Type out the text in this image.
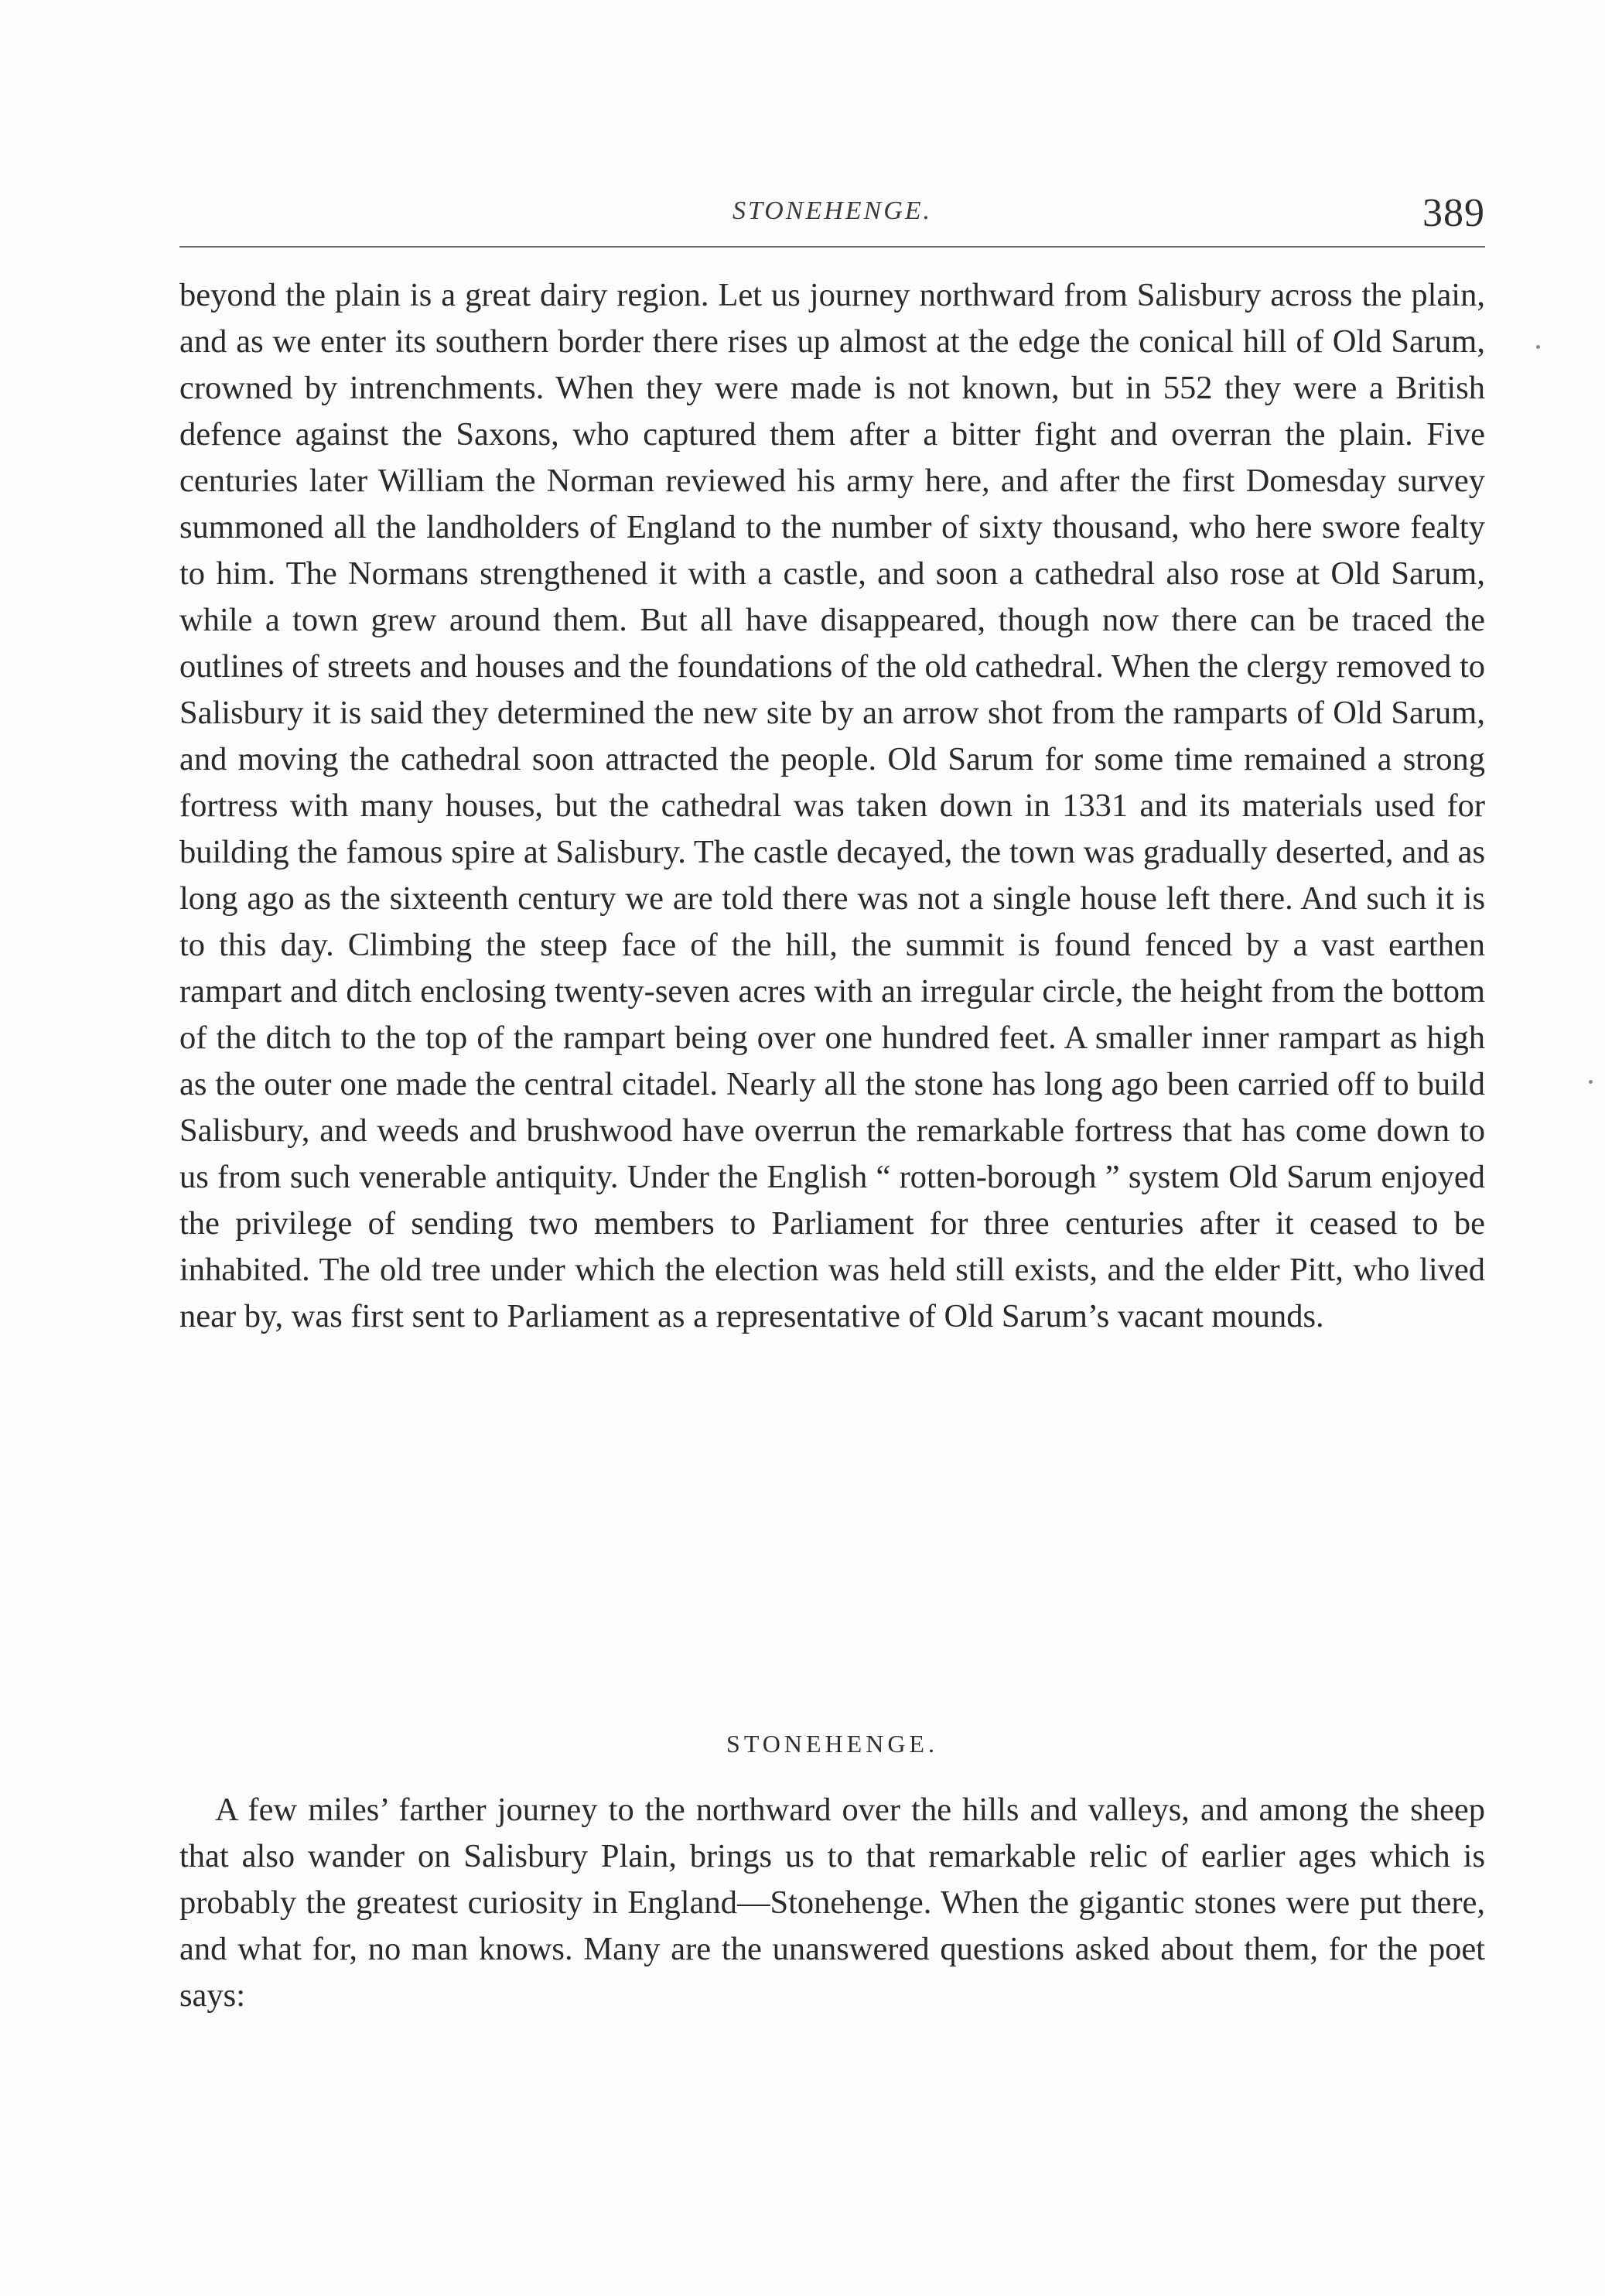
STONEHENGE.	389

beyond the plain is a great dairy region. Let us journey northward from Salisbury across the plain, and as we enter its southern border there rises up almost at the edge the conical hill of Old Sarum, crowned by intrenchments. When they were made is not known, but in 552 they were a British defence against the Saxons, who captured them after a bitter fight and overran the plain. Five centuries later William the Norman reviewed his army here, and after the first Domesday survey summoned all the landholders of England to the number of sixty thousand, who here swore fealty to him. The Normans strengthened it with a castle, and soon a cathedral also rose at Old Sarum, while a town grew around them. But all have disappeared, though now there can be traced the outlines of streets and houses and the foundations of the old cathedral. When the clergy removed to Salisbury it is said they determined the new site by an arrow shot from the ramparts of Old Sarum, and moving the cathedral soon attracted the people. Old Sarum for some time remained a strong fortress with many houses, but the cathedral was taken down in 1331 and its materials used for building the famous spire at Salisbury. The castle decayed, the town was gradually deserted, and as long ago as the sixteenth century we are told there was not a single house left there. And such it is to this day. Climbing the steep face of the hill, the summit is found fenced by a vast earthen rampart and ditch enclosing twenty-seven acres with an irregular circle, the height from the bottom of the ditch to the top of the rampart being over one hundred feet. A smaller inner rampart as high as the outer one made the central citadel. Nearly all the stone has long ago been carried off to build Salisbury, and weeds and brushwood have overrun the remarkable fortress that has come down to us from such venerable antiquity. Under the English “ rotten-borough ” system Old Sarum enjoyed the privilege of sending two members to Parliament for three centuries after it ceased to be inhabited. The old tree under which the election was held still exists, and the elder Pitt, who lived near by, was first sent to Parliament as a representative of Old Sarum’s vacant mounds.

STONEHENGE.

A few miles’ farther journey to the northward over the hills and valleys, and among the sheep that also wander on Salisbury Plain, brings us to that remarkable relic of earlier ages which is probably the greatest curiosity in England—Stonehenge. When the gigantic stones were put there, and what for, no man knows. Many are the unanswered questions asked about them, for the poet says:
